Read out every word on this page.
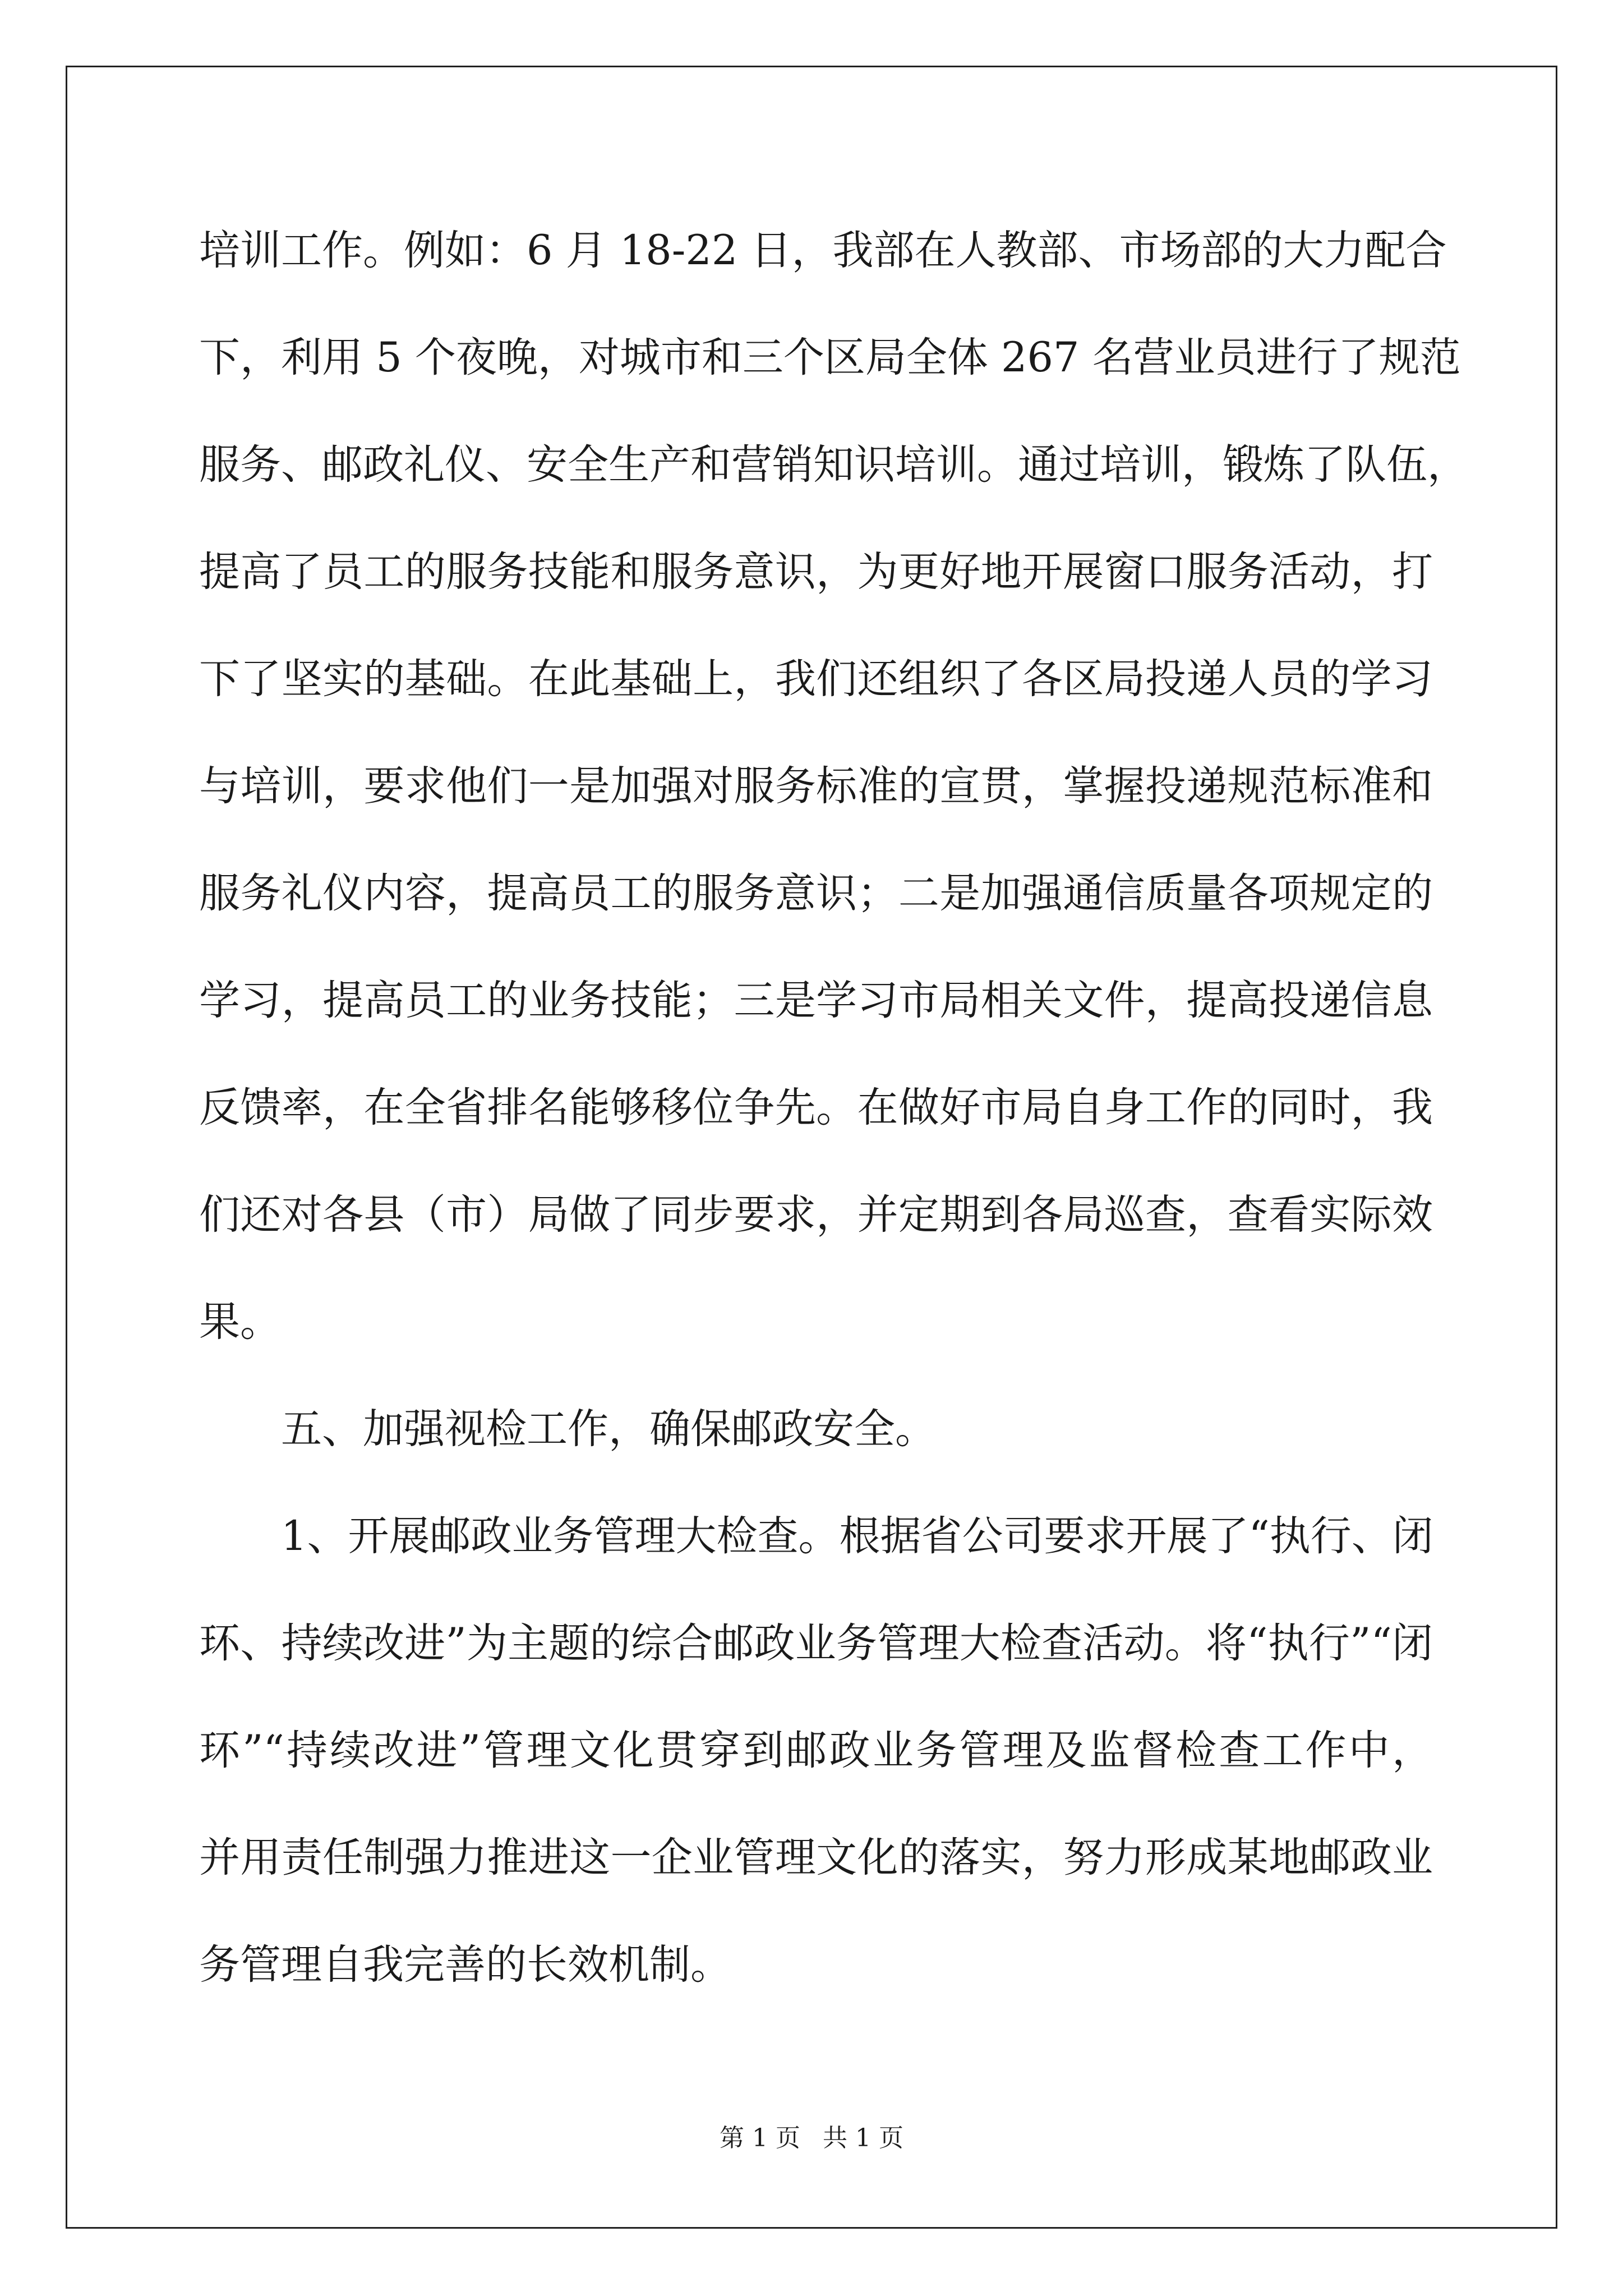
培训工作。例如：6 月 18-22 日，我部在人教部、市场部的大力配合
下，利用 5 个夜晚，对城市和三个区局全体 267 名营业员进行了规范
服务、邮政礼仪、安全生产和营销知识培训。通过培训，锻炼了队伍，
提高了员工的服务技能和服务意识，为更好地开展窗口服务活动，打
下了坚实的基础。在此基础上，我们还组织了各区局投递人员的学习
与培训，要求他们一是加强对服务标准的宣贯，掌握投递规范标准和
服务礼仪内容，提高员工的服务意识；二是加强通信质量各项规定的
学习，提高员工的业务技能；三是学习市局相关文件，提高投递信息
反馈率，在全省排名能够移位争先。在做好市局自身工作的同时，我
们还对各县（市）局做了同步要求，并定期到各局巡查，查看实际效
果。
五、加强视检工作，确保邮政安全。
1、开展邮政业务管理大检查。根据省公司要求开展了“执行、闭
环、持续改进”为主题的综合邮政业务管理大检查活动。将“执行”“闭
环”“持续改进”管理文化贯穿到邮政业务管理及监督检查工作中，
并用责任制强力推进这一企业管理文化的落实，努力形成某地邮政业
务管理自我完善的长效机制。
第 1 页 共 1 页
